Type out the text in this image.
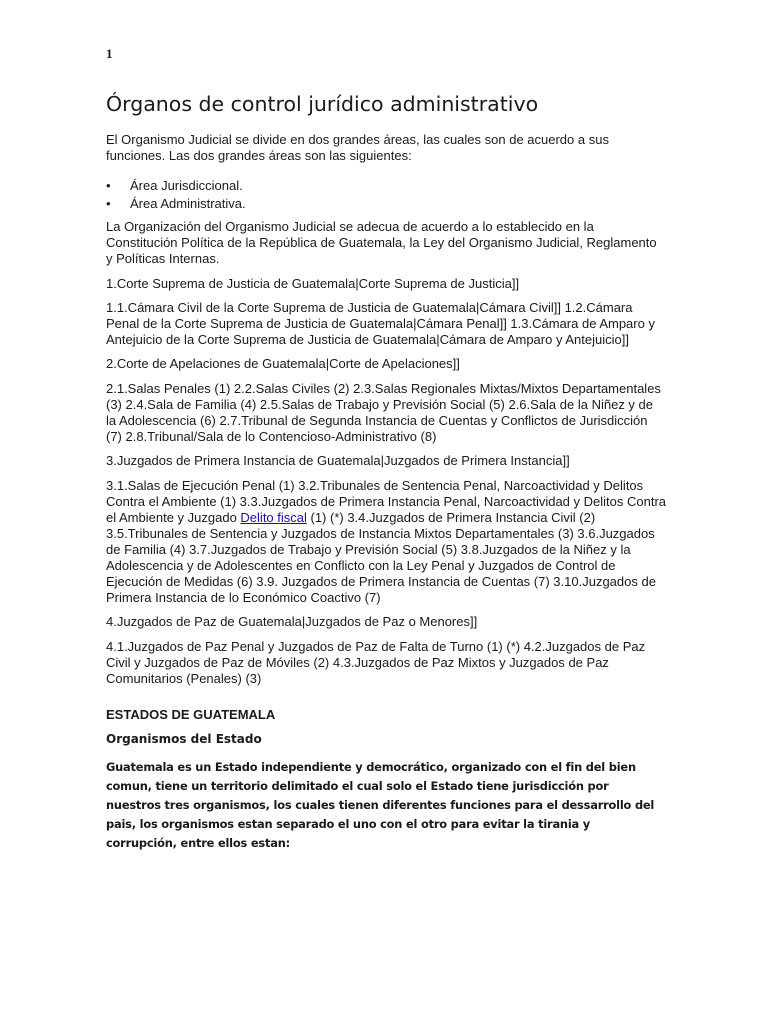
1
Órganos de control jurídico administrativo

El Organismo Judicial se divide en dos grandes áreas, las cuales son de acuerdo a sus funciones. Las dos grandes áreas son las siguientes:

• Área Jurisdiccional.
• Área Administrativa.

La Organización del Organismo Judicial se adecua de acuerdo a lo establecido en la Constitución Política de la República de Guatemala, la Ley del Organismo Judicial, Reglamento y Políticas Internas.

1.Corte Suprema de Justicia de Guatemala|Corte Suprema de Justicia]]

1.1.Cámara Civil de la Corte Suprema de Justicia de Guatemala|Cámara Civil]] 1.2.Cámara Penal de la Corte Suprema de Justicia de Guatemala|Cámara Penal]] 1.3.Cámara de Amparo y Antejuicio de la Corte Suprema de Justicia de Guatemala|Cámara de Amparo y Antejuicio]]

2.Corte de Apelaciones de Guatemala|Corte de Apelaciones]]

2.1.Salas Penales (1) 2.2.Salas Civiles (2) 2.3.Salas Regionales Mixtas/Mixtos Departamentales (3) 2.4.Sala de Familia (4) 2.5.Salas de Trabajo y Previsión Social (5) 2.6.Sala de la Niñez y de la Adolescencia (6) 2.7.Tribunal de Segunda Instancia de Cuentas y Conflictos de Jurisdicción (7) 2.8.Tribunal/Sala de lo Contencioso-Administrativo (8)

3.Juzgados de Primera Instancia de Guatemala|Juzgados de Primera Instancia]]

3.1.Salas de Ejecución Penal (1) 3.2.Tribunales de Sentencia Penal, Narcoactividad y Delitos Contra el Ambiente (1) 3.3.Juzgados de Primera Instancia Penal, Narcoactividad y Delitos Contra el Ambiente y Juzgado Delito fiscal (1) (*) 3.4.Juzgados de Primera Instancia Civil (2) 3.5.Tribunales de Sentencia y Juzgados de Instancia Mixtos Departamentales (3) 3.6.Juzgados de Familia (4) 3.7.Juzgados de Trabajo y Previsión Social (5) 3.8.Juzgados de la Niñez y la Adolescencia y de Adolescentes en Conflicto con la Ley Penal y Juzgados de Control de Ejecución de Medidas (6) 3.9. Juzgados de Primera Instancia de Cuentas (7) 3.10.Juzgados de Primera Instancia de lo Económico Coactivo (7)

4.Juzgados de Paz de Guatemala|Juzgados de Paz o Menores]]

4.1.Juzgados de Paz Penal y Juzgados de Paz de Falta de Turno (1) (*) 4.2.Juzgados de Paz Civil y Juzgados de Paz de Móviles (2) 4.3.Juzgados de Paz Mixtos y Juzgados de Paz Comunitarios (Penales) (3)

ESTADOS DE GUATEMALA
Organismos del Estado

Guatemala es un Estado independiente y democrático, organizado con el fin del bien comun, tiene un territorio delimitado el cual solo el Estado tiene jurisdicción por nuestros tres organismos, los cuales tienen diferentes funciones para el dessarrollo del pais, los organismos estan separado el uno con el otro para evitar la tirania y corrupción, entre ellos estan:
